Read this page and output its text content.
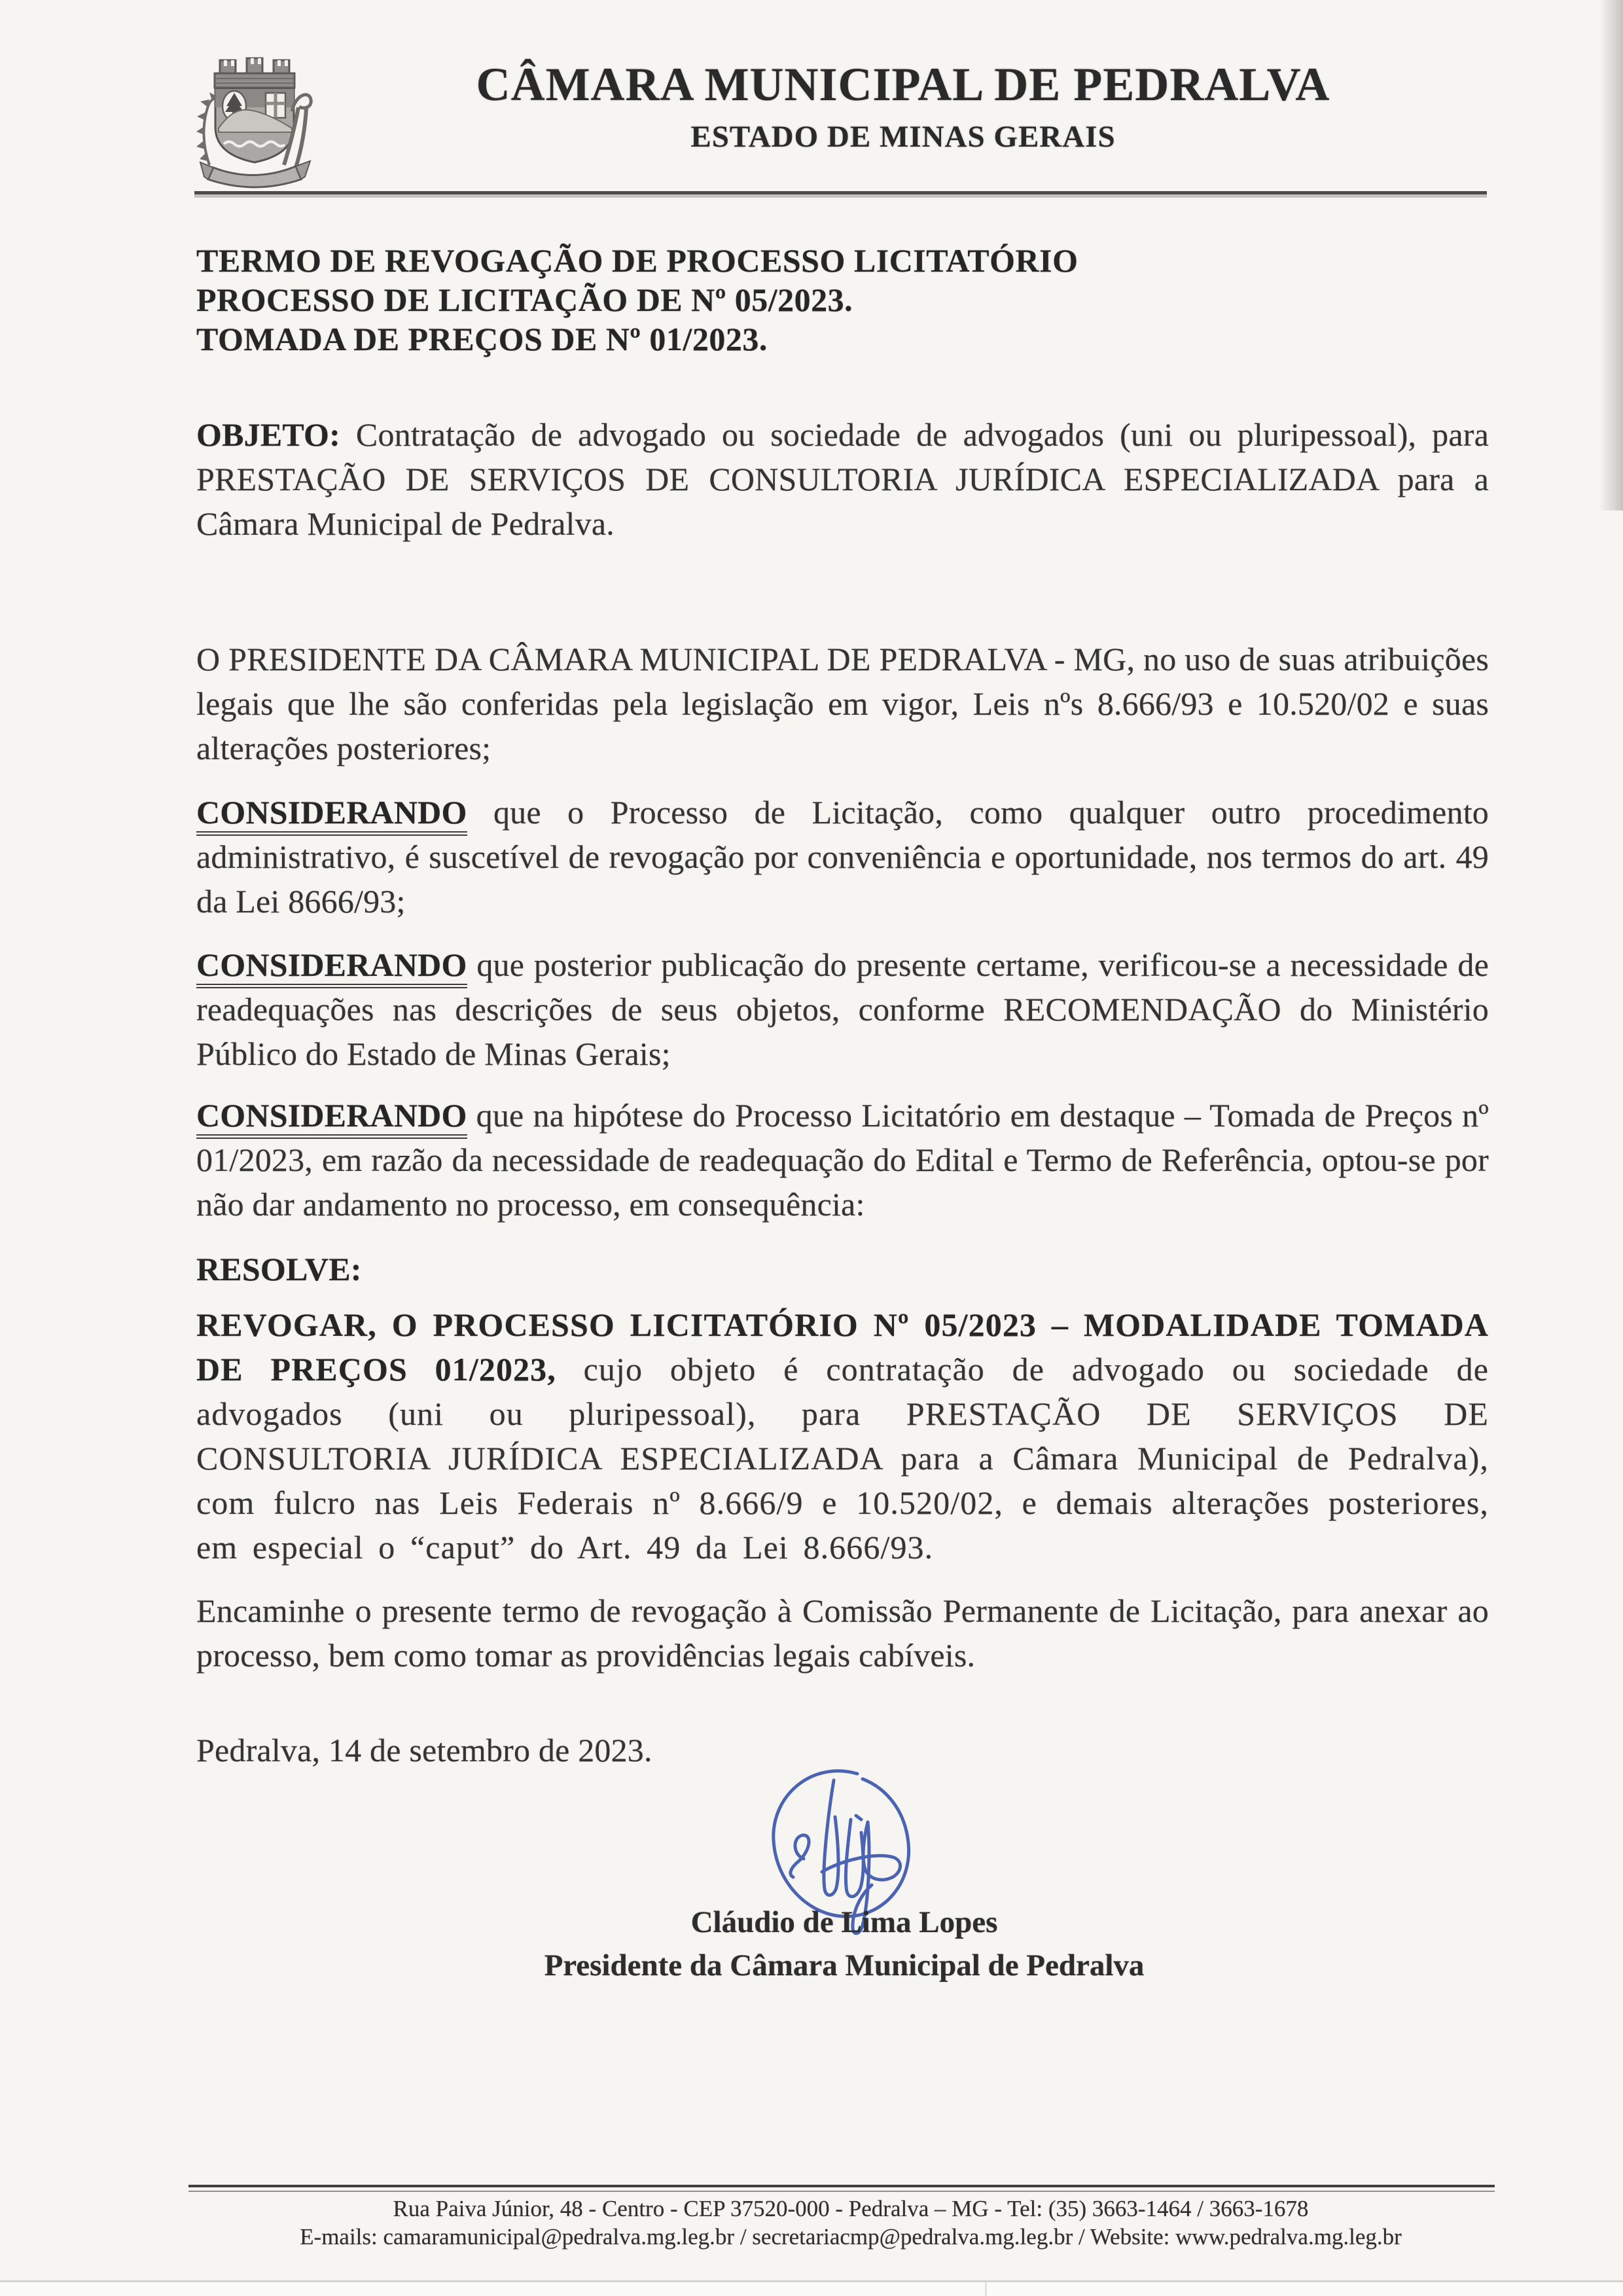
CÂMARA MUNICIPAL DE PEDRALVA
ESTADO DE MINAS GERAIS

TERMO DE REVOGAÇÃO DE PROCESSO LICITATÓRIO

PROCESSO DE LICITAÇÃO DE Nº 05/2023.

TOMADA DE PREÇOS DE Nº 01/2023.

OBJETO: Contratação de advogado ou sociedade de advogados (uni ou pluripessoal), para PRESTAÇÃO DE SERVIÇOS DE CONSULTORIA JURÍDICA ESPECIALIZADA para a Câmara Municipal de Pedralva.

O PRESIDENTE DA CÂMARA MUNICIPAL DE PEDRALVA - MG, no uso de suas atribuições legais que lhe são conferidas pela legislação em vigor, Leis nºs 8.666/93 e 10.520/02 e suas alterações posteriores;

CONSIDERANDO que o Processo de Licitação, como qualquer outro procedimento administrativo, é suscetível de revogação por conveniência e oportunidade, nos termos do art. 49 da Lei 8666/93;

CONSIDERANDO que posterior publicação do presente certame, verificou-se a necessidade de readequações nas descrições de seus objetos, conforme RECOMENDAÇÃO do Ministério Público do Estado de Minas Gerais;

CONSIDERANDO que na hipótese do Processo Licitatório em destaque – Tomada de Preços nº 01/2023, em razão da necessidade de readequação do Edital e Termo de Referência, optou-se por não dar andamento no processo, em consequência:

RESOLVE:

REVOGAR, O PROCESSO LICITATÓRIO Nº 05/2023 – MODALIDADE TOMADA DE PREÇOS 01/2023, cujo objeto é contratação de advogado ou sociedade de advogados (uni ou pluripessoal), para PRESTAÇÃO DE SERVIÇOS DE CONSULTORIA JURÍDICA ESPECIALIZADA para a Câmara Municipal de Pedralva), com fulcro nas Leis Federais nº 8.666/9 e 10.520/02, e demais alterações posteriores, em especial o “caput” do Art. 49 da Lei 8.666/93.

Encaminhe o presente termo de revogação à Comissão Permanente de Licitação, para anexar ao processo, bem como tomar as providências legais cabíveis.

Pedralva, 14 de setembro de 2023.

Cláudio de Lima Lopes
Presidente da Câmara Municipal de Pedralva
Rua Paiva Júnior, 48 - Centro - CEP 37520-000 - Pedralva – MG - Tel: (35) 3663-1464 / 3663-1678
E-mails: camaramunicipal@pedralva.mg.leg.br / secretariacmp@pedralva.mg.leg.br / Website: www.pedralva.mg.leg.br
